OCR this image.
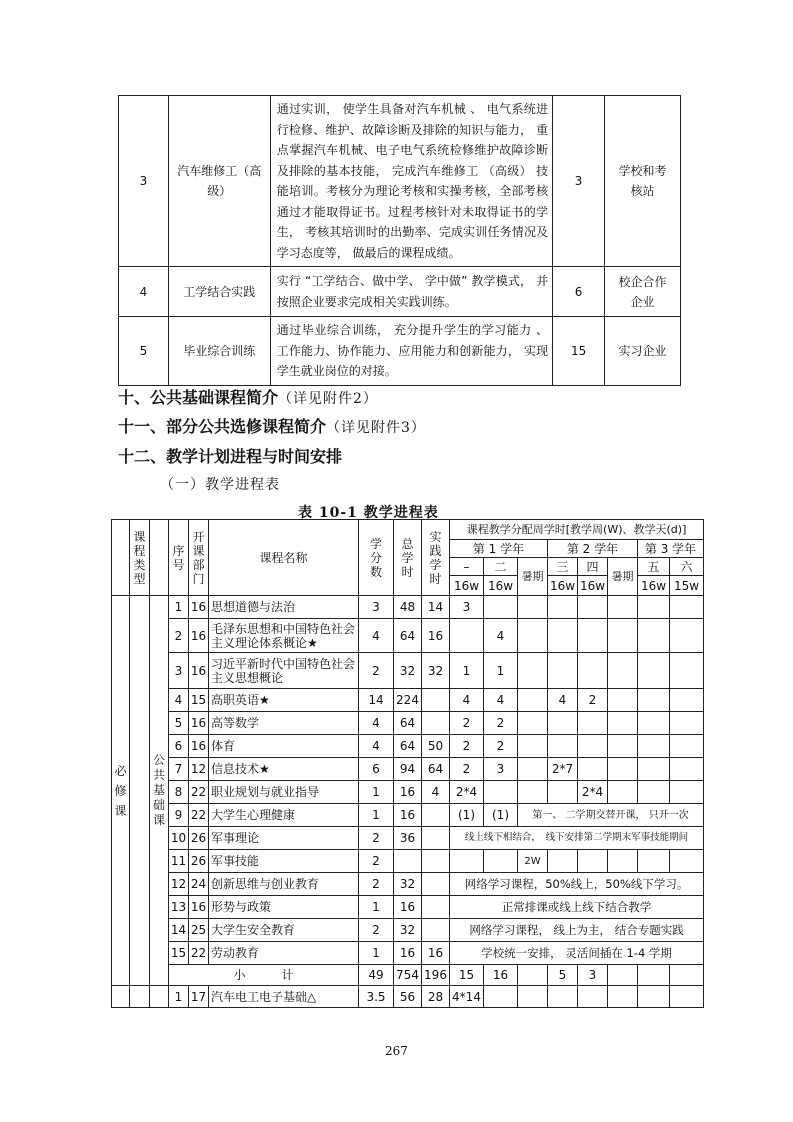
3	汽车维修工（高级）	通过实训， 使学生具备对汽车机械 、 电气系统进行检修、维护、故障诊断及排除的知识与能力， 重点掌握汽车机械、电子电气系统检修维护故障诊断及排除的基本技能， 完成汽车维修工 （高级） 技能培训。考核分为理论考核和实操考核，全部考核通过才能取得证书。过程考核针对未取得证书的学生， 考核其培训时的出勤率、完成实训任务情况及学习态度等， 做最后的课程成绩。	3	学校和考核站
4	工学结合实践	实行 “工学结合、做中学、 学中做” 教学模式， 并按照企业要求完成相关实践训练。	6	校企合作企业
5	毕业综合训练	通过毕业综合训练， 充分提升学生的学习能力 、工作能力、协作能力、应用能力和创新能力， 实现学生就业岗位的对接。	15	实习企业
十、公共基础课程简介（详见附件2）
十一、部分公共选修课程简介（详见附件3）
十二、教学计划进程与时间安排
（一）教学进程表
表 10-1 教学进程表
	课程类型		序号	开课部门	课程名称	学分数	总学时	实践学时	课程教学分配周学时[教学周(W)、教学天(d)]							
									第 1 学年			第 2 学年			第 3 学年	
									–	二	暑期	三	四	暑期	五	六
									16w	16w		16w	16w		16w	15w

必修课		公共基础课	1	16	思想道德与法治	3	48	14	3							
			2	16	毛泽东思想和中国特色社会主义理论体系概论★	4	64	16		4						
			3	16	习近平新时代中国特色社会主义思想概论	2	32	32	1	1						
			4	15	高职英语★	14	224		4	4		4	2			
			5	16	高等数学	4	64		2	2						
			6	16	体育	4	64	50	2	2						
			7	12	信息技术★	6	94	64	2	3		2*7				
			8	22	职业规划与就业指导	1	16	4	2*4				2*4			
			9	22	大学生心理健康	1	16		(1)	(1)	第一、 二学期交替开课， 只开一次					
			10	26	军事理论	2	36		线上线下相结合，　线下安排第二学期末军事技能期间							
			11	26	军事技能	2					2W					
			12	24	创新思维与创业教育	2	32		网络学习课程，50%线上，50%线下学习。							
			13	16	形势与政策	1	16		正常排课或线上线下结合教学							
			14	25	大学生安全教育	2	32		网络学习课程， 线上为主， 结合专题实践							
			15	22	劳动教育	1	16	16	学校统一安排， 灵活间插在 1-4 学期							
			小　　　计			49	754	196	15	16		5	3			
			1	17	汽车电工电子基础△	3.5	56	28	4*14							
267
